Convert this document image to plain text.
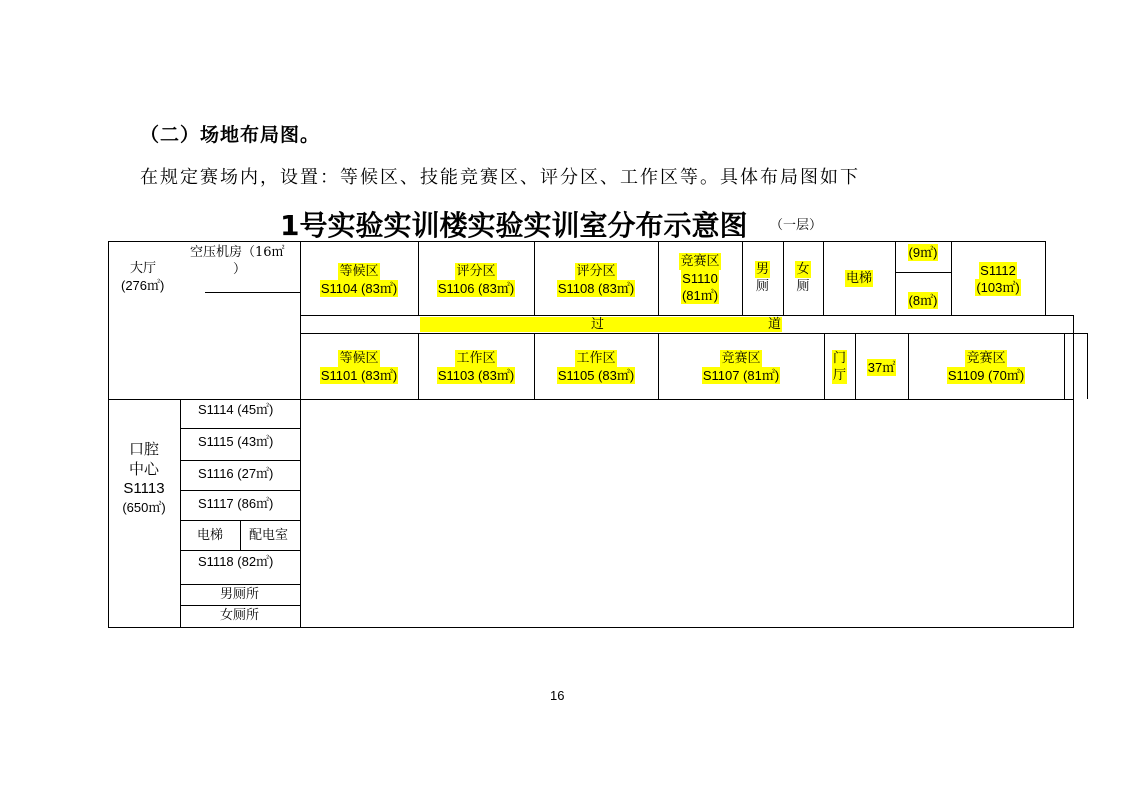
（二）场地布局图。
在规定赛场内，设置：等候区、技能竞赛区、评分区、工作区等。具体布局图如下
1号实验实训楼实验实训室分布示意图 （一层）
大厅
(276㎡)
空压机房（16㎡
）	等候区
S1104 (83㎡)
评分区
S1106 (83㎡)
评分区
S1108 (83㎡)
竞赛区
S1110
(81㎡)
男
厕
女
厕
电梯
(9㎡)
(8㎡)
S1112
(103㎡)
过	道
等候区
S1101 (83㎡)
工作区
S1103 (83㎡)
工作区
S1105 (83㎡)
竞赛区
S1107 (81㎡)
门
厅
37㎡
竞赛区
S1109 (70㎡)
口腔
中心
S1113
(650㎡)
S1114 (45㎡)
S1115 (43㎡)
S1116 (27㎡)
S1117 (86㎡)
电梯 配电室
S1118 (82㎡)
男厕所
女厕所
16
